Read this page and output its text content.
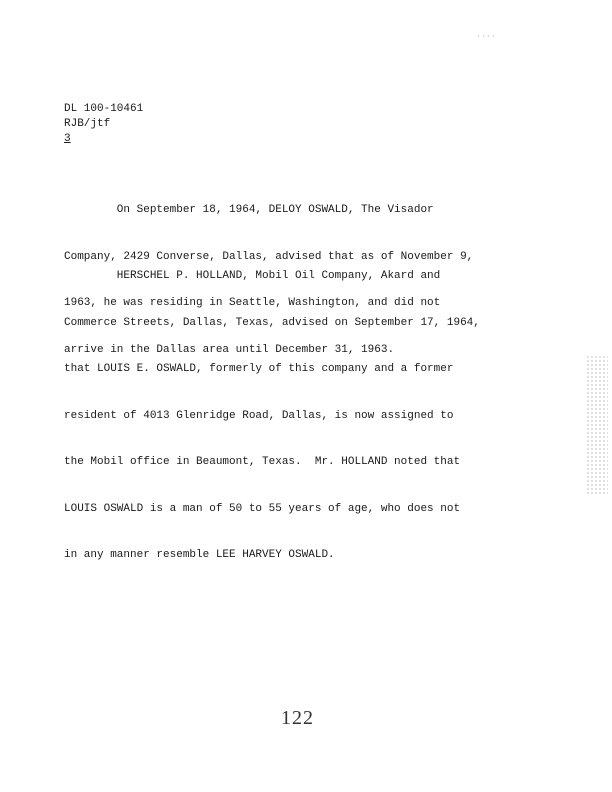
DL 100-10461
RJB/jtf
3

On September 18, 1964, DELOY OSWALD, The Visador

Company, 2429 Converse, Dallas, advised that as of November 9,

1963, he was residing in Seattle, Washington, and did not

arrive in the Dallas area until December 31, 1963.

HERSCHEL P. HOLLAND, Mobil Oil Company, Akard and

Commerce Streets, Dallas, Texas, advised on September 17, 1964,

that LOUIS E. OSWALD, formerly of this company and a former

resident of 4013 Glenridge Road, Dallas, is now assigned to

the Mobil office in Beaumont, Texas.  Mr. HOLLAND noted that

LOUIS OSWALD is a man of 50 to 55 years of age, who does not

in any manner resemble LEE HARVEY OSWALD.

122
